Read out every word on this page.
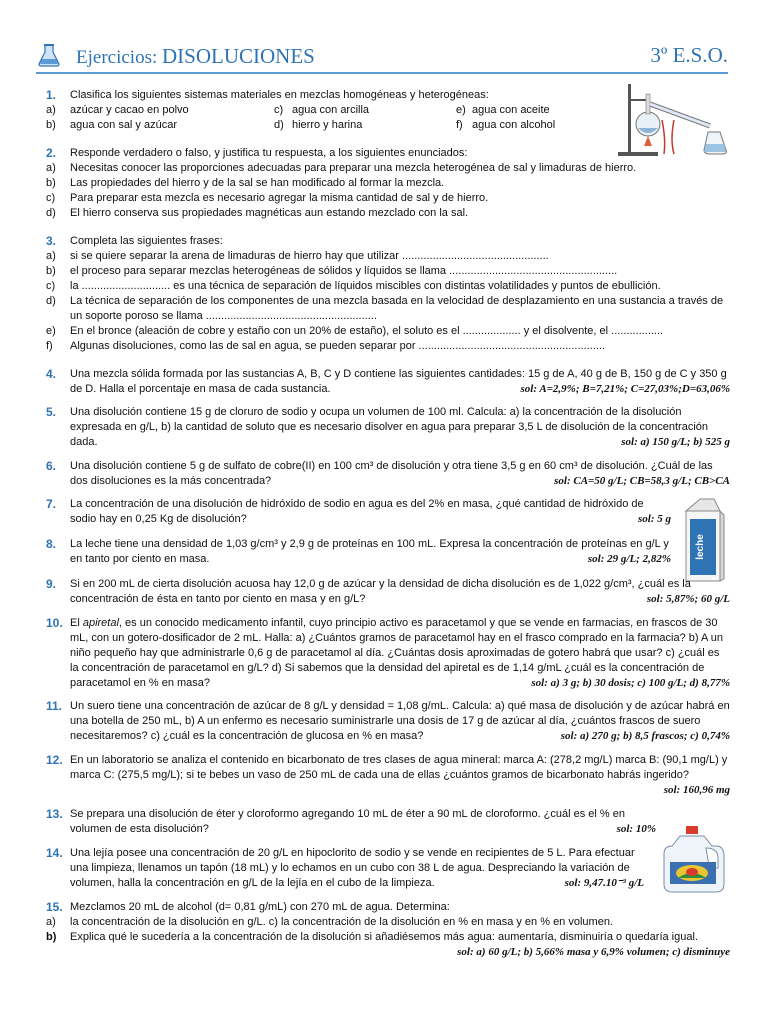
Ejercicios: DISOLUCIONES	3º E.S.O.
1.	Clasifica los siguientes sistemas materiales en mezclas homogéneas y heterogéneas:
a) azúcar y cacao en polvo	c) agua con arcilla	e) agua con aceite
b) agua con sal y azúcar	d) hierro y harina	f) agua con alcohol
2.	Responde verdadero o falso, y justifica tu respuesta, a los siguientes enunciados:
a)	Necesitas conocer las proporciones adecuadas para preparar una mezcla heterogénea de sal y limaduras de hierro.
b)	Las propiedades del hierro y de la sal se han modificado al formar la mezcla.
c)	Para preparar esta mezcla es necesario agregar la misma cantidad de sal y de hierro.
d)	El hierro conserva sus propiedades magnéticas aun estando mezclado con la sal.
3.	Completa las siguientes frases:
a)	si se quiere separar la arena de limaduras de hierro hay que utilizar ................................................
b)	el proceso para separar mezclas heterogéneas de sólidos y líquidos se llama .......................................................
c)	la ............................. es una técnica de separación de líquidos miscibles con distintas volatilidades y puntos de ebullición.
d)	La técnica de separación de los componentes de una mezcla basada en la velocidad de desplazamiento en una sustancia a través de un soporte poroso se llama ........................................................
e)	En el bronce (aleación de cobre y estaño con un 20% de estaño), el soluto es el ................... y el disolvente, el .................
f)	Algunas disoluciones, como las de sal en agua, se pueden separar por .............................................................
4.	Una mezcla sólida formada por las sustancias A, B, C y D contiene las siguientes cantidades: 15 g de A, 40 g de B, 150 g de C y 350 g de D. Halla el porcentaje en masa de cada sustancia.	sol: A=2,9%; B=7,21%; C=27,03%;D=63,06%
5.	Una disolución contiene 15 g de cloruro de sodio y ocupa un volumen de 100 ml. Calcula: a) la concentración de la disolución expresada en g/L, b) la cantidad de soluto que es necesario disolver en agua para preparar 3,5 L de disolución de la concentración dada.	sol: a) 150 g/L; b) 525 g
6.	Una disolución contiene 5 g de sulfato de cobre(II) en 100 cm³ de disolución y otra tiene 3,5 g en 60 cm³ de disolución. ¿Cuál de las dos disoluciones es la más concentrada?	sol: CA=50 g/L; CB=58,3 g/L; CB>CA
leche
7.	La concentración de una disolución de hidróxido de sodio en agua es del 2% en masa, ¿qué cantidad de hidróxido de sodio hay en 0,25 Kg de disolución?	sol: 5 g
8.	La leche tiene una densidad de 1,03 g/cm³ y 2,9 g de proteínas en 100 mL. Expresa la concentración de proteínas en g/L y en tanto por ciento en masa.	sol: 29 g/L; 2,82%
9.	Si en 200 mL de cierta disolución acuosa hay 12,0 g de azúcar y la densidad de dicha disolución es de 1,022 g/cm³, ¿cuál es la concentración de ésta en tanto por ciento en masa y en g/L?	sol: 5,87%; 60 g/L
10. El apiretal, es un conocido medicamento infantil, cuyo principio activo es paracetamol y que se vende en farmacias, en frascos de 30 mL, con un gotero-dosificador de 2 mL. Halla: a) ¿Cuántos gramos de paracetamol hay en el frasco comprado en la farmacia? b) A un niño pequeño hay que administrarle 0,6 g de paracetamol al día. ¿Cuántas dosis aproximadas de gotero habrá que usar? c) ¿cuál es la concentración de paracetamol en g/L? d) Si sabemos que la densidad del apiretal es de 1,14 g/mL ¿cuál es la concentración de paracetamol en % en masa?	sol: a) 3 g; b) 30 dosis; c) 100 g/L; d) 8,77%
11. Un suero tiene una concentración de azúcar de 8 g/L y densidad = 1,08 g/mL. Calcula: a) qué masa de disolución y de azúcar habrá en una botella de 250 mL, b) A un enfermo es necesario suministrarle una dosis de 17 g de azúcar al día, ¿cuántos frascos de suero necesitaremos? c) ¿cuál es la concentración de glucosa en % en masa?	sol: a) 270 g; b) 8,5 frascos; c) 0,74%
12. En un laboratorio se analiza el contenido en bicarbonato de tres clases de agua mineral: marca A: (278,2 mg/L) marca B: (90,1 mg/L) y marca C: (275,5 mg/L); si te bebes un vaso de 250 mL de cada una de ellas ¿cuántos gramos de bicarbonato habrás ingerido?
sol: 160,96 mg
13. Se prepara una disolución de éter y cloroformo agregando 10 mL de éter a 90 mL de cloroformo. ¿cuál es el % en volumen de esta disolución?	sol: 10%
14. Una lejía posee una concentración de 20 g/L en hipoclorito de sodio y se vende en recipientes de 5 L. Para efectuar una limpieza, llenamos un tapón (18 mL) y lo echamos en un cubo con 38 L de agua. Despreciando la variación de volumen, halla la concentración en g/L de la lejía en el cubo de la limpieza.	sol: 9,47.10⁻³ g/L
15. Mezclamos 20 mL de alcohol (d= 0,81 g/mL) con 270 mL de agua. Determina:
a)	la concentración de la disolución en g/L. c) la concentración de la disolución en % en masa y en % en volumen.
b)	Explica qué le sucedería a la concentración de la disolución si añadiésemos más agua: aumentaría, disminuiría o quedaría igual.
sol: a) 60 g/L; b) 5,66% masa y 6,9% volumen; c) disminuye
